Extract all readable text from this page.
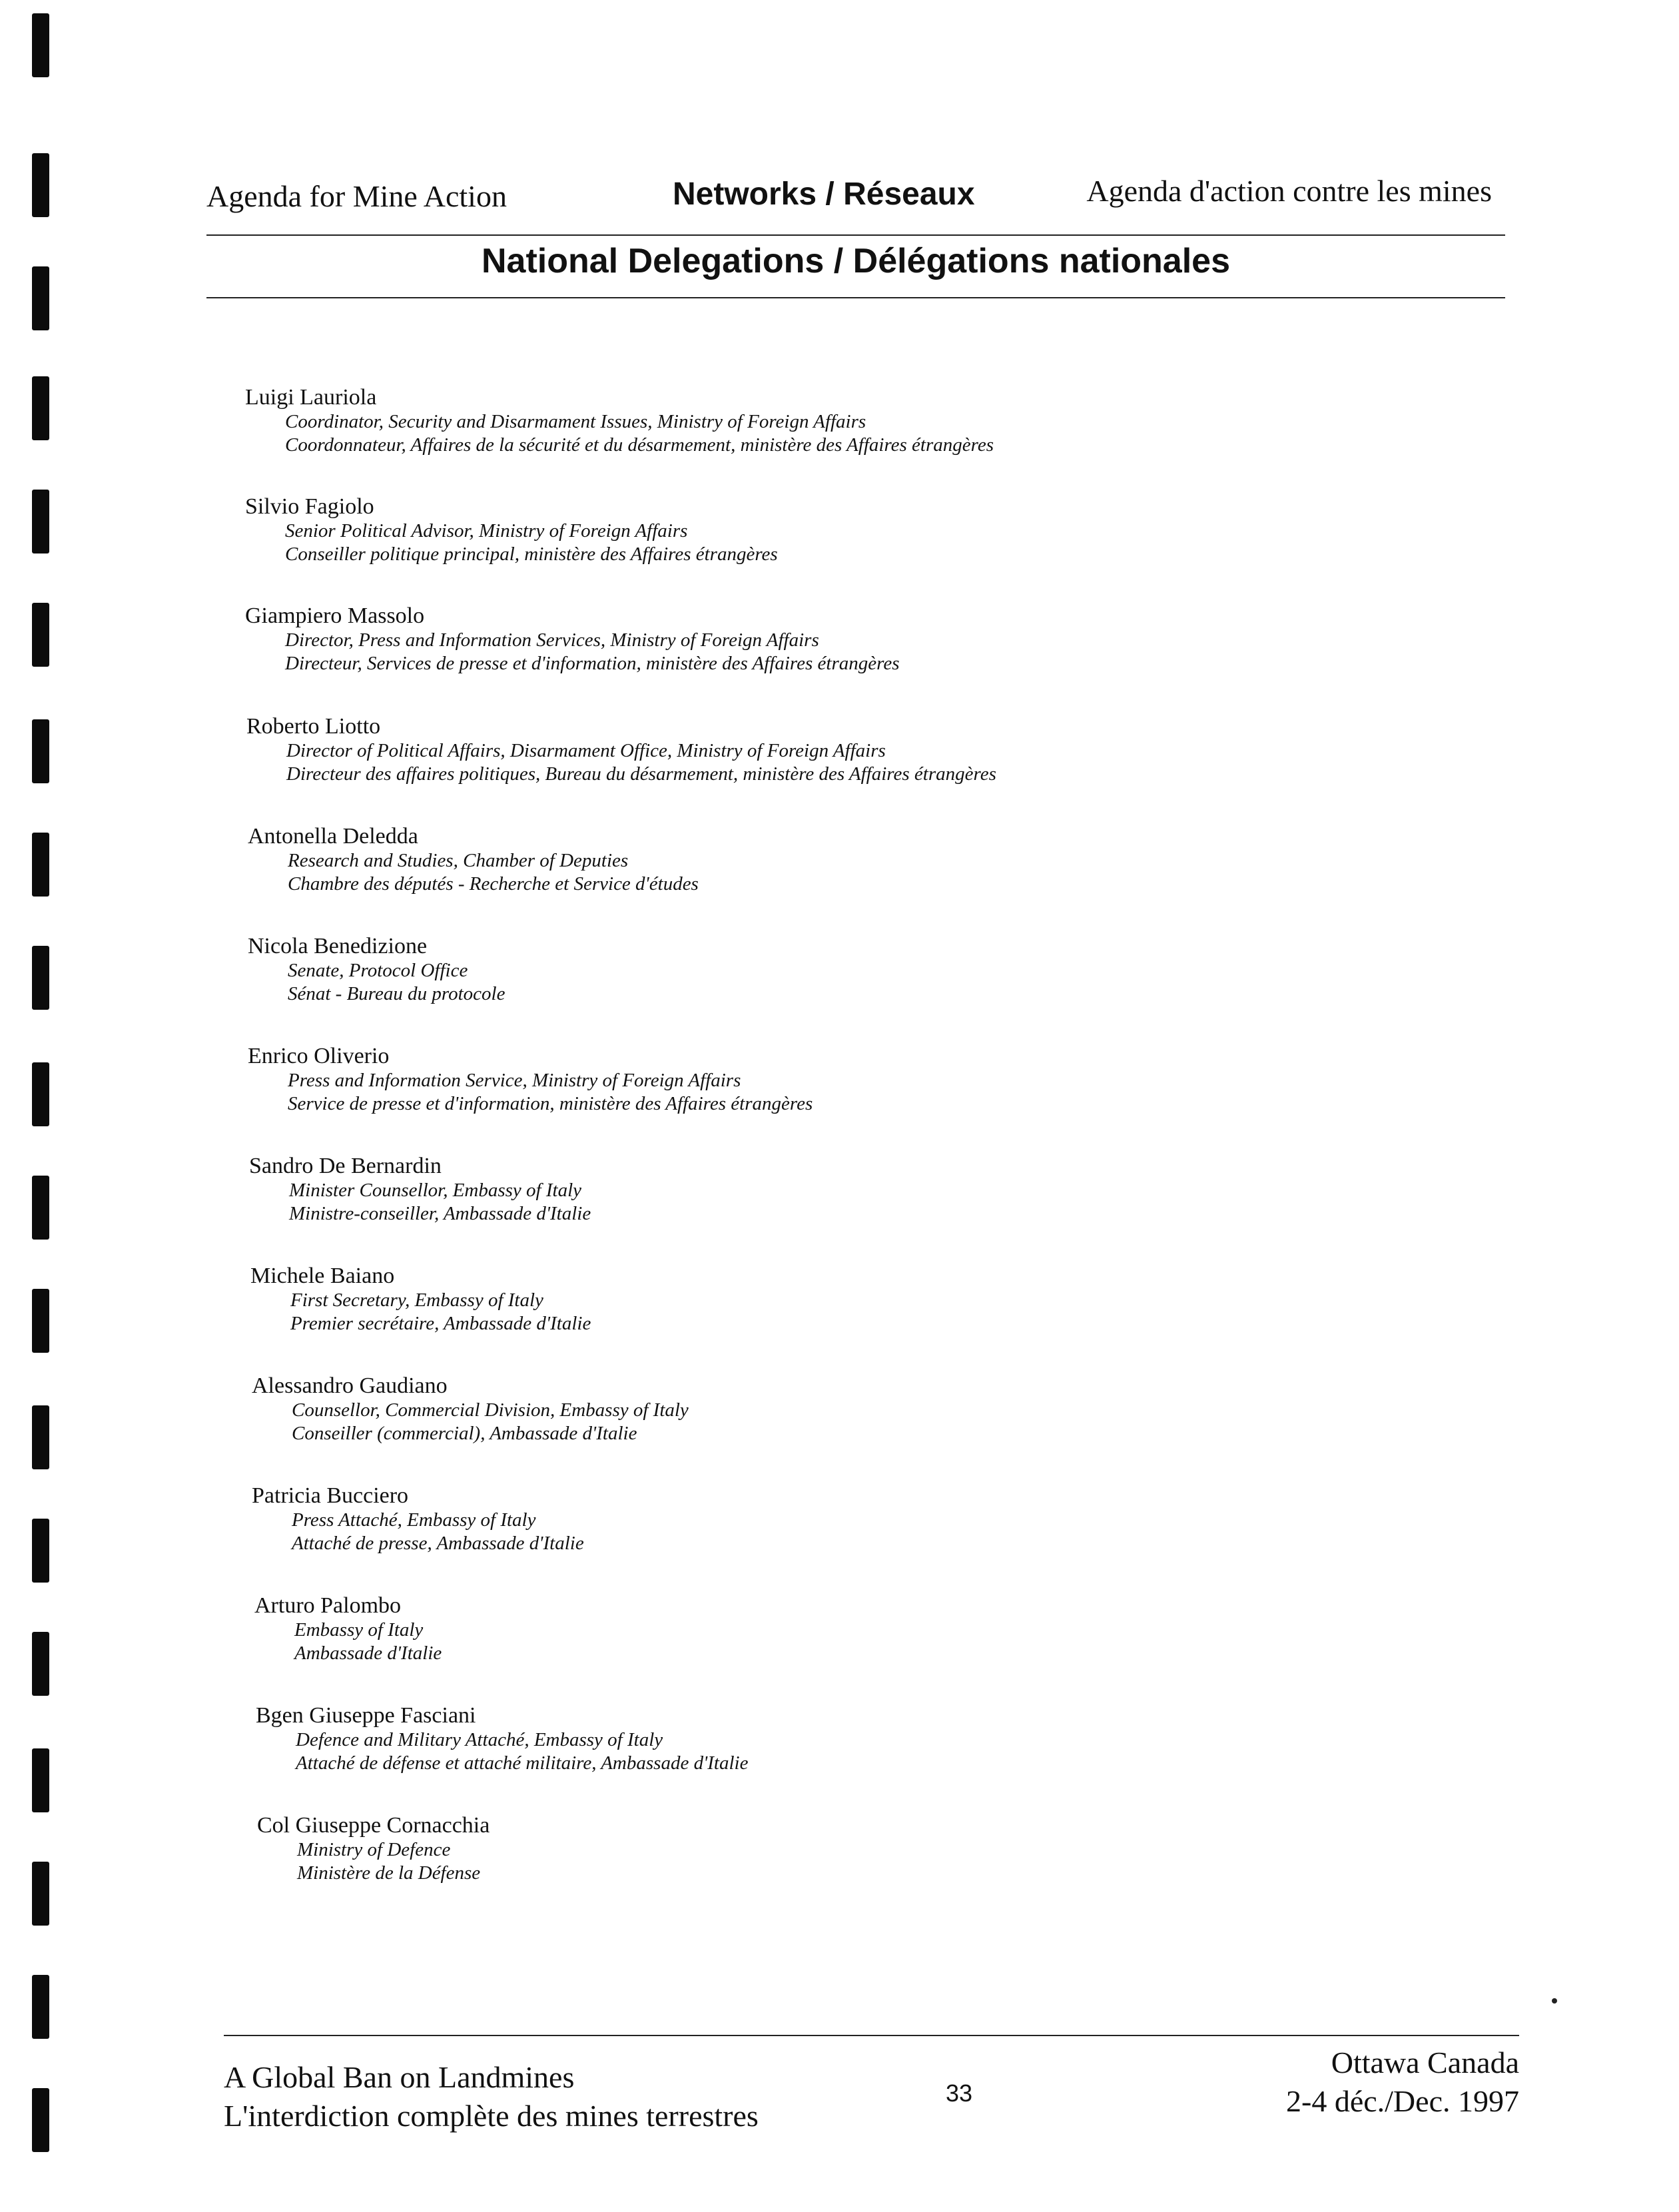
Agenda for Mine Action	Networks / Réseaux	Agenda d'action contre les mines
National Delegations / Délégations nationales
Luigi Lauriola
Coordinator, Security and Disarmament Issues, Ministry of Foreign Affairs
Coordonnateur, Affaires de la sécurité et du désarmement, ministère des Affaires étrangères
Silvio Fagiolo
Senior Political Advisor, Ministry of Foreign Affairs
Conseiller politique principal, ministère des Affaires étrangères
Giampiero Massolo
Director, Press and Information Services, Ministry of Foreign Affairs
Directeur, Services de presse et d'information, ministère des Affaires étrangères
Roberto Liotto
Director of Political Affairs, Disarmament Office, Ministry of Foreign Affairs
Directeur des affaires politiques, Bureau du désarmement, ministère des Affaires étrangères
Antonella Deledda
Research and Studies, Chamber of Deputies
Chambre des députés - Recherche et Service d'études
Nicola Benedizione
Senate, Protocol Office
Sénat - Bureau du protocole
Enrico Oliverio
Press and Information Service, Ministry of Foreign Affairs
Service de presse et d'information, ministère des Affaires étrangères
Sandro De Bernardin
Minister Counsellor, Embassy of Italy
Ministre-conseiller, Ambassade d'Italie
Michele Baiano
First Secretary, Embassy of Italy
Premier secrétaire, Ambassade d'Italie
Alessandro Gaudiano
Counsellor, Commercial Division, Embassy of Italy
Conseiller (commercial), Ambassade d'Italie
Patricia Bucciero
Press Attaché, Embassy of Italy
Attaché de presse, Ambassade d'Italie
Arturo Palombo
Embassy of Italy
Ambassade d'Italie
Bgen Giuseppe Fasciani
Defence and Military Attaché, Embassy of Italy
Attaché de défense et attaché militaire, Ambassade d'Italie
Col Giuseppe Cornacchia
Ministry of Defence
Ministère de la Défense
A Global Ban on Landmines
L'interdiction complète des mines terrestres
33
Ottawa Canada
2-4 déc./Dec. 1997
